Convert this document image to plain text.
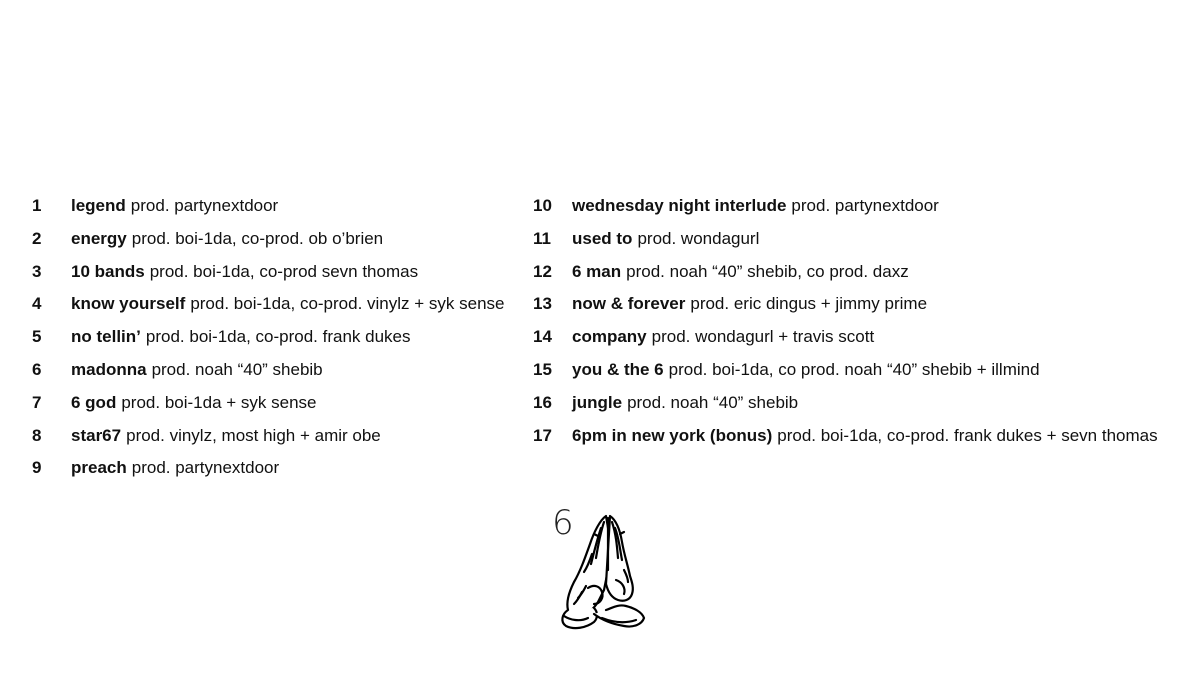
1	legend prod. partynextdoor
2	energy prod. boi-1da, co-prod. ob o’brien
3	10 bands prod. boi-1da, co-prod sevn thomas
4	know yourself prod. boi-1da, co-prod. vinylz + syk sense
5	no tellin’ prod. boi-1da, co-prod. frank dukes
6	madonna prod. noah “40” shebib
7	6 god prod. boi-1da + syk sense
8	star67 prod. vinylz, most high + amir obe
9	preach prod. partynextdoor
10	wednesday night interlude prod. partynextdoor
11	used to prod. wondagurl
12	6 man prod. noah “40” shebib, co prod. daxz
13	now & forever prod. eric dingus + jimmy prime
14	company prod. wondagurl + travis scott
15	you & the 6 prod. boi-1da, co prod. noah “40” shebib + illmind
16	jungle prod. noah “40” shebib
17	6pm in new york (bonus) prod. boi-1da, co-prod. frank dukes + sevn thomas
6
